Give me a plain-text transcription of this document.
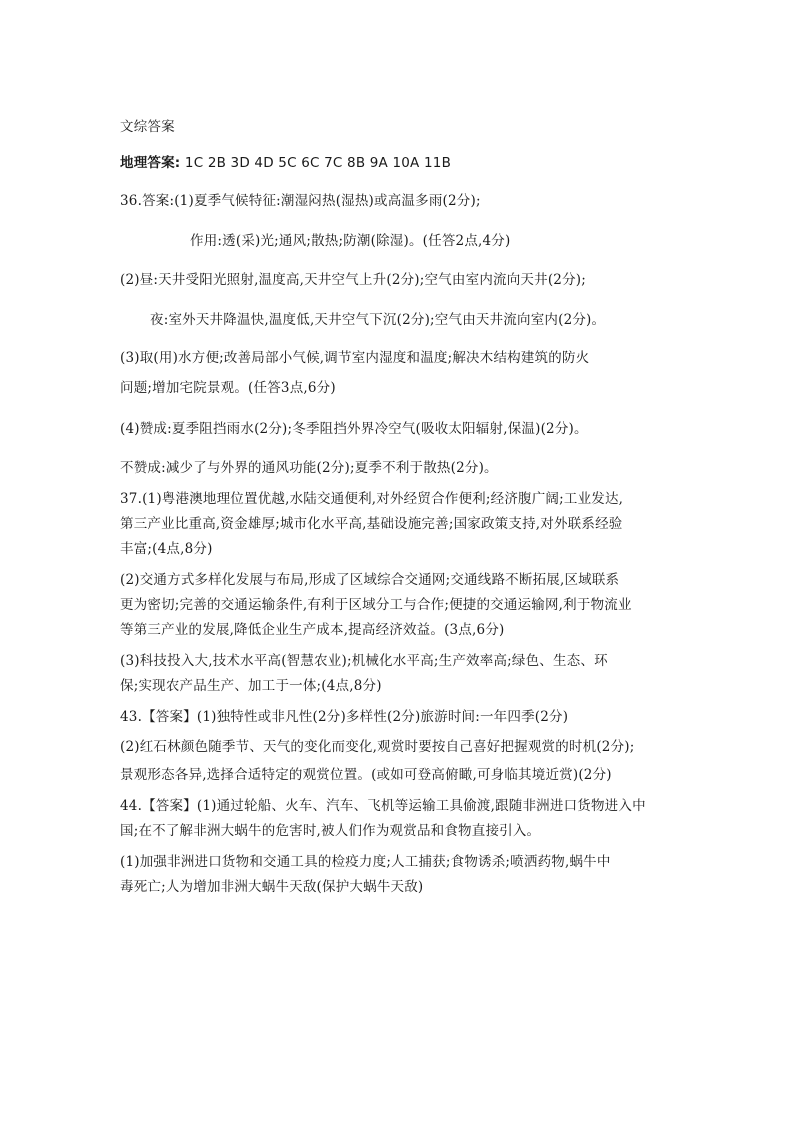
文综答案
地理答案: 1C 2B 3D 4D 5C 6C 7C 8B 9A 10A 11B
36.答案:(1)夏季气候特征:潮湿闷热(湿热)或高温多雨(2分);
作用:透(采)光;通风;散热;防潮(除湿)。(任答2点,4分)
(2)昼:天井受阳光照射,温度高,天井空气上升(2分);空气由室内流向天井(2分);
夜:室外天井降温快,温度低,天井空气下沉(2分);空气由天井流向室内(2分)。
(3)取(用)水方便;改善局部小气候,调节室内湿度和温度;解决木结构建筑的防火
问题;增加宅院景观。(任答3点,6分)
(4)赞成:夏季阻挡雨水(2分);冬季阻挡外界冷空气(吸收太阳辐射,保温)(2分)。
不赞成:减少了与外界的通风功能(2分);夏季不利于散热(2分)。
37.(1)粤港澳地理位置优越,水陆交通便利,对外经贸合作便利;经济腹广阔;工业发达,
第三产业比重高,资金雄厚;城市化水平高,基础设施完善;国家政策支持,对外联系经验
丰富;(4点,8分)
(2)交通方式多样化发展与布局,形成了区域综合交通网;交通线路不断拓展,区域联系
更为密切;完善的交通运输条件,有利于区域分工与合作;便捷的交通运输网,利于物流业
等第三产业的发展,降低企业生产成本,提高经济效益。(3点,6分)
(3)科技投入大,技术水平高(智慧农业);机械化水平高;生产效率高;绿色、生态、环
保;实现农产品生产、加工于一体;(4点,8分)
43.【答案】(1)独特性或非凡性(2分)多样性(2分)旅游时间:一年四季(2分)
(2)红石林颜色随季节、天气的变化而变化,观赏时要按自己喜好把握观赏的时机(2分);
景观形态各异,选择合适特定的观赏位置。(或如可登高俯瞰,可身临其境近赏)(2分)
44.【答案】(1)通过轮船、火车、汽车、飞机等运输工具偷渡,跟随非洲进口货物进入中
国;在不了解非洲大蜗牛的危害时,被人们作为观赏品和食物直接引入。
(1)加强非洲进口货物和交通工具的检疫力度;人工捕获;食物诱杀;喷洒药物,蜗牛中
毒死亡;人为增加非洲大蜗牛天敌(保护大蜗牛天敌)
